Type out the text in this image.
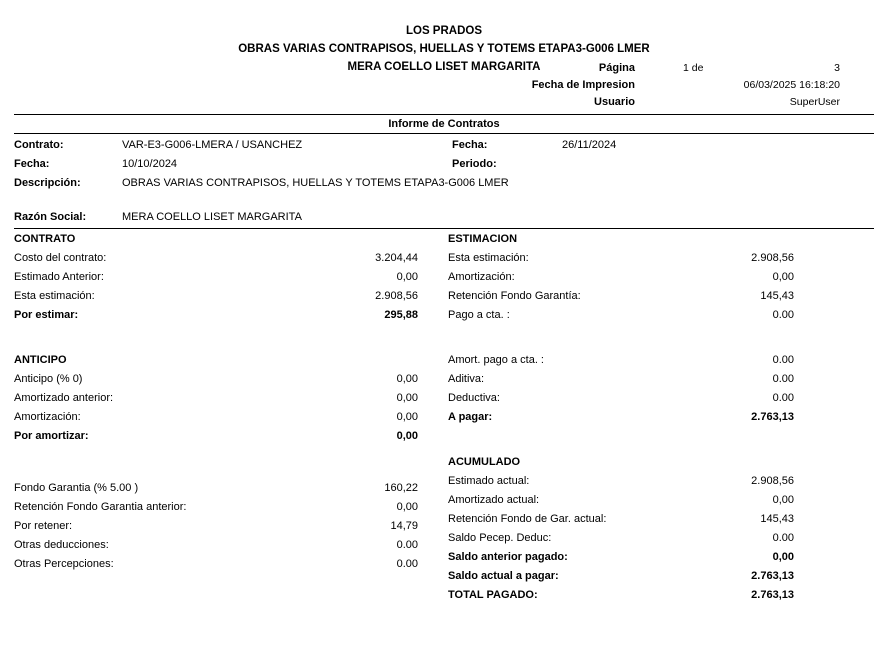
LOS PRADOS
OBRAS VARIAS CONTRAPISOS, HUELLAS Y TOTEMS ETAPA3-G006 LMER
MERA COELLO LISET MARGARITA	Página	1 de	3
Fecha de Impresion	06/03/2025 16:18:20
Usuario	SuperUser
Informe de Contratos
Contrato:	VAR-E3-G006-LMERA / USANCHEZ	Fecha:	26/11/2024
Fecha:	10/10/2024	Periodo:
Descripción:	OBRAS VARIAS CONTRAPISOS, HUELLAS Y TOTEMS ETAPA3-G006 LMER
Razón Social:	MERA COELLO LISET MARGARITA
CONTRATO
Costo del contrato:	3.204,44
Estimado Anterior:	0,00
Esta estimación:	2.908,56
Por estimar:	295,88
ANTICIPO
Anticipo (% 0)	0,00
Amortizado anterior:	0,00
Amortización:	0,00
Por amortizar:	0,00
Fondo Garantia (% 5.00 )	160,22
Retención Fondo Garantia anterior:	0,00
Por retener:	14,79
Otras deducciones:	0.00
Otras Percepciones:	0.00
ESTIMACION
Esta estimación:	2.908,56
Amortización:	0,00
Retención Fondo Garantía:	145,43
Pago a cta. :	0.00
Amort. pago a cta. :	0.00
Aditiva:	0.00
Deductiva:	0.00
A pagar:	2.763,13
ACUMULADO
Estimado actual:	2.908,56
Amortizado actual:	0,00
Retención Fondo de Gar. actual:	145,43
Saldo Pecep. Deduc:	0.00
Saldo anterior pagado:	0,00
Saldo actual a pagar:	2.763,13
TOTAL PAGADO:	2.763,13
